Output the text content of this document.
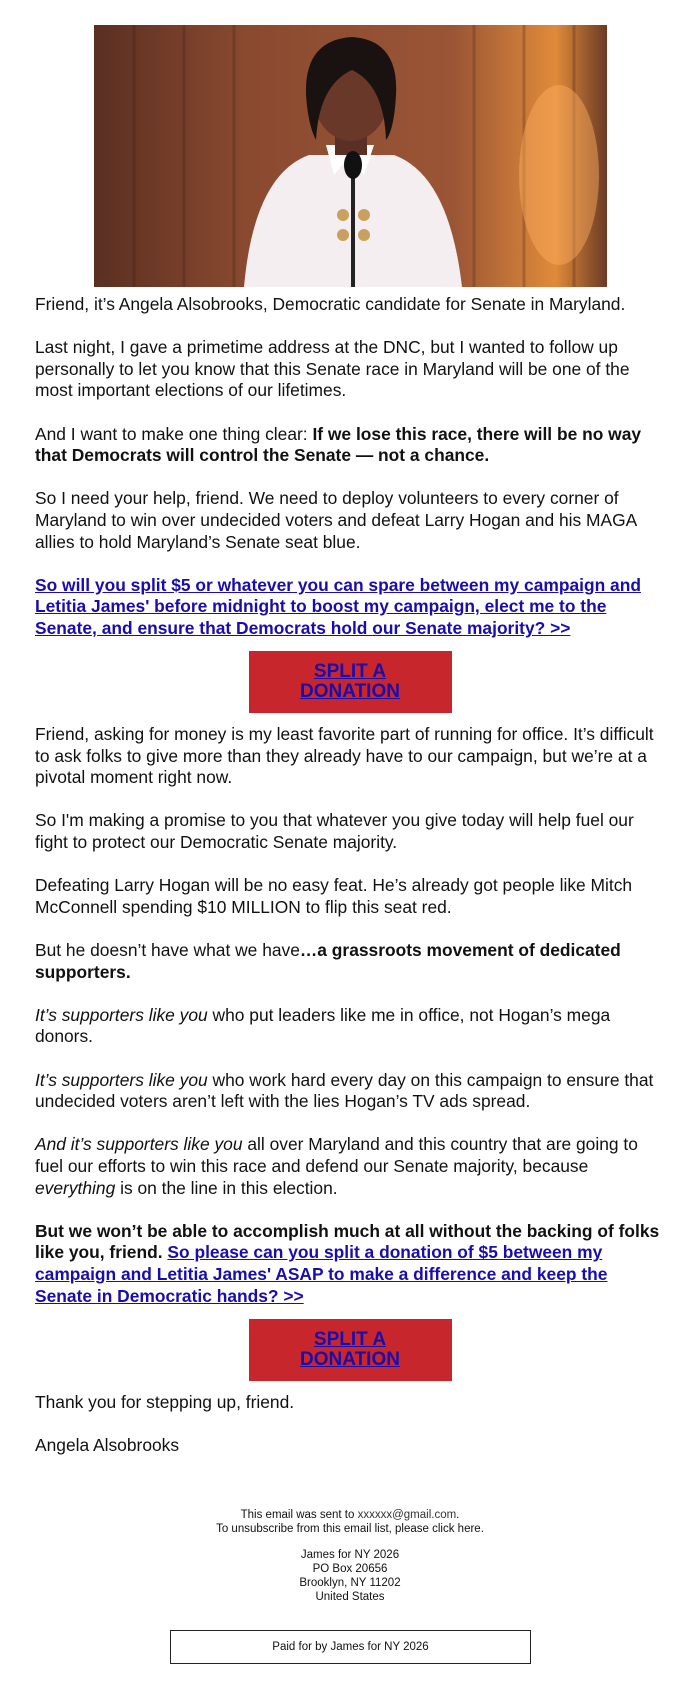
Friend, it’s Angela Alsobrooks, Democratic candidate for Senate in Maryland.

Last night, I gave a primetime address at the DNC, but I wanted to follow up personally to let you know that this Senate race in Maryland will be one of the most important elections of our lifetimes.

And I want to make one thing clear: If we lose this race, there will be no way that Democrats will control the Senate — not a chance.

So I need your help, friend. We need to deploy volunteers to every corner of Maryland to win over undecided voters and defeat Larry Hogan and his MAGA allies to hold Maryland’s Senate seat blue.

So will you split $5 or whatever you can spare between my campaign and Letitia James' before midnight to boost my campaign, elect me to the Senate, and ensure that Democrats hold our Senate majority? >>

SPLIT A
DONATION

Friend, asking for money is my least favorite part of running for office. It’s difficult to ask folks to give more than they already have to our campaign, but we’re at a pivotal moment right now.

So I'm making a promise to you that whatever you give today will help fuel our fight to protect our Democratic Senate majority.

Defeating Larry Hogan will be no easy feat. He’s already got people like Mitch McConnell spending $10 MILLION to flip this seat red.

But he doesn’t have what we have…a grassroots movement of dedicated supporters.

It’s supporters like you who put leaders like me in office, not Hogan’s mega donors.

It’s supporters like you who work hard every day on this campaign to ensure that undecided voters aren’t left with the lies Hogan’s TV ads spread.

And it’s supporters like you all over Maryland and this country that are going to fuel our efforts to win this race and defend our Senate majority, because everything is on the line in this election.

But we won’t be able to accomplish much at all without the backing of folks like you, friend. So please can you split a donation of $5 between my campaign and Letitia James' ASAP to make a difference and keep the Senate in Democratic hands? >>

SPLIT A
DONATION

Thank you for stepping up, friend.

Angela Alsobrooks

This email was sent to xxxxxx@gmail.com.
To unsubscribe from this email list, please click here.
James for NY 2026
PO Box 20656
Brooklyn, NY 11202
United States
Paid for by James for NY 2026
